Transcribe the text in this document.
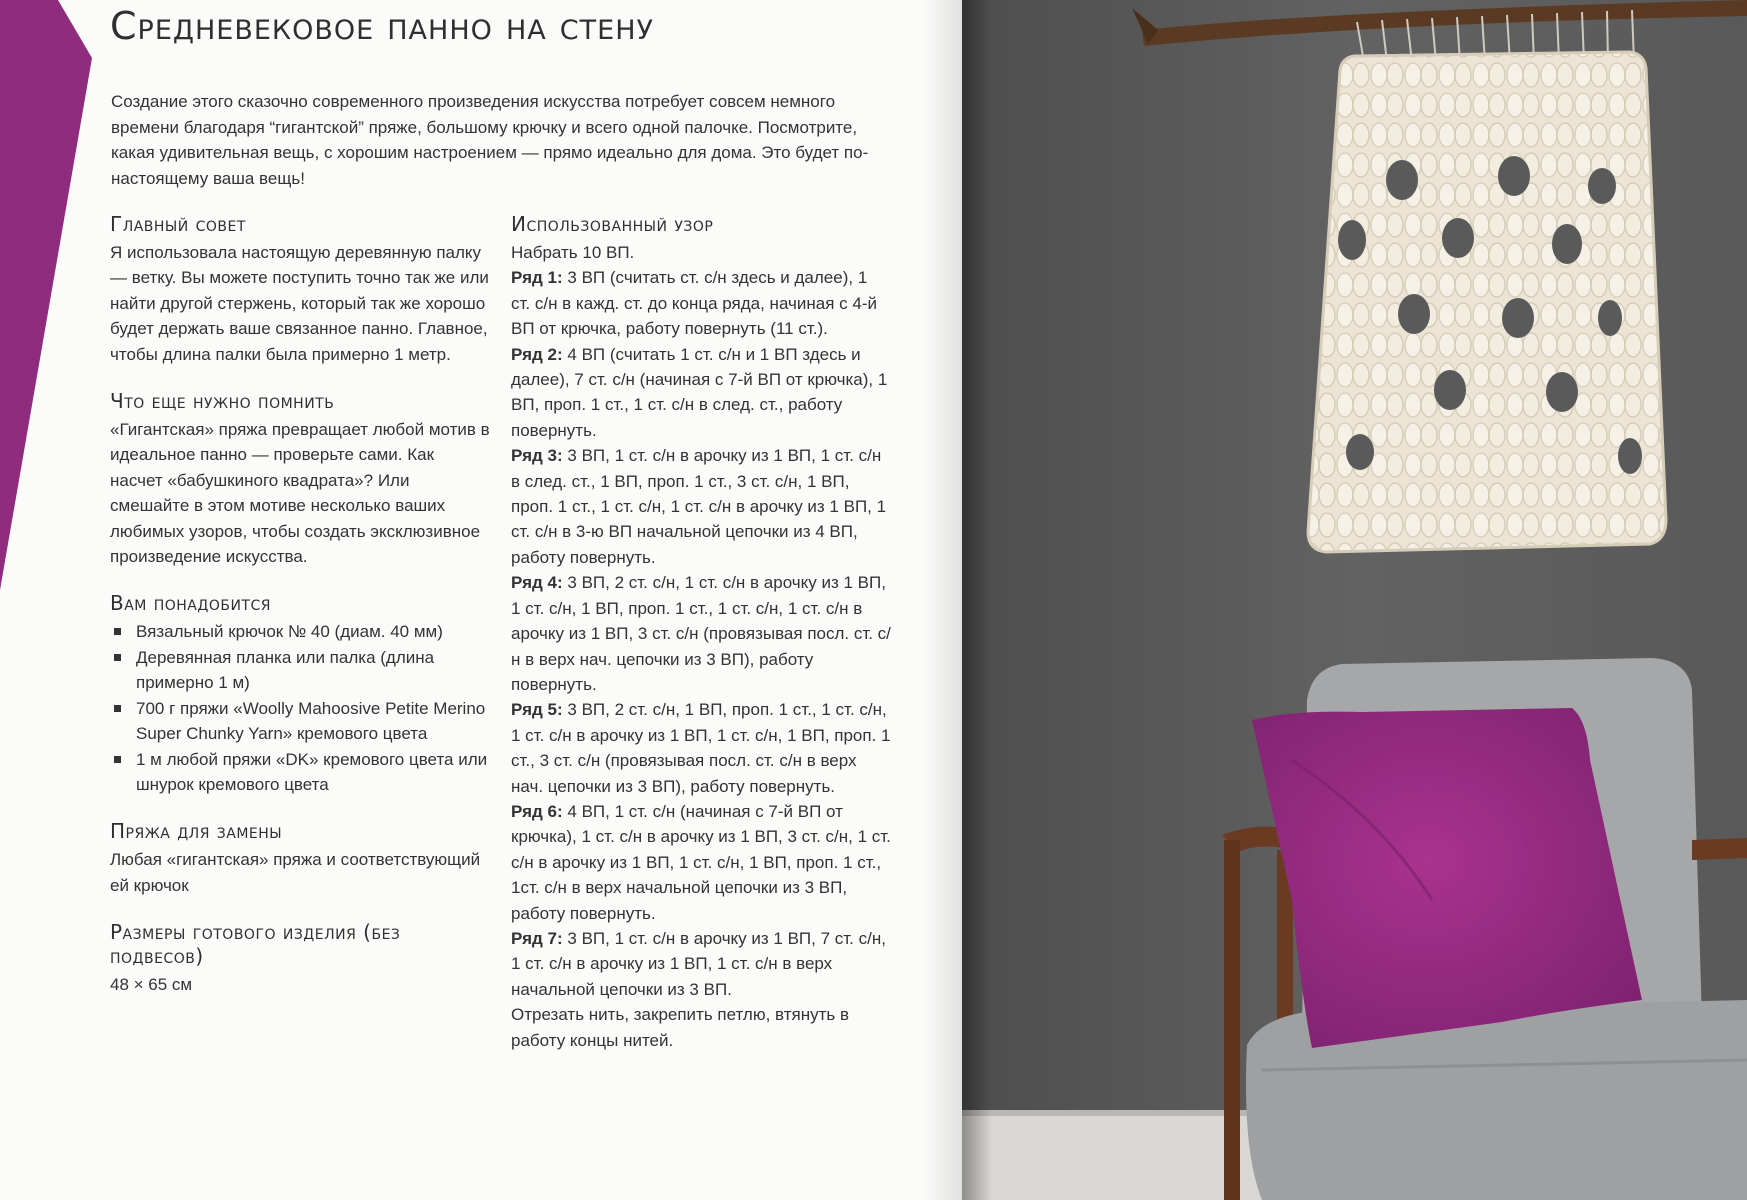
Средневековое панно на стену

Создание этого сказочно современного произведения искусства потребует совсем немного времени благодаря “гигантской” пряже, большому крючку и всего одной палочке. Посмотрите, какая удивительная вещь, с хорошим настроением — прямо идеально для дома. Это будет по-настоящему ваша вещь!

Главный совет

Я использовала настоящую деревянную палку — ветку. Вы можете поступить точно так же или найти другой стержень, который так же хорошо будет держать ваше связанное панно. Главное, чтобы длина палки была примерно 1 метр.

Что еще нужно помнить

«Гигантская» пряжа превращает любой мотив в идеальное панно — проверьте сами. Как насчет «бабушкиного квадрата»? Или смешайте в этом мотиве несколько ваших любимых узоров, чтобы создать эксклюзивное произведение искусства.

Вам понадобится
Вязальный крючок № 40 (диам. 40 мм)
Деревянная планка или палка (длина примерно 1 м)
700 г пряжи «Woolly Mahoosive Petite Merino Super Chunky Yarn» кремового цвета
1 м любой пряжи «DK» кремового цвета или шнурок кремового цвета
Пряжа для замены

Любая «гигантская» пряжа и соответствующий ей крючок

Размеры готового изделия (без подвесов)

48 × 65 см

Использованный узор

Набрать 10 ВП.

Ряд 1: 3 ВП (считать ст. с/н здесь и далее), 1 ст. с/н в кажд. ст. до конца ряда, начиная с 4-й ВП от крючка, работу повернуть (11 ст.).

Ряд 2: 4 ВП (считать 1 ст. с/н и 1 ВП здесь и далее), 7 ст. с/н (начиная с 7-й ВП от крючка), 1 ВП, проп. 1 ст., 1 ст. с/н в след. ст., работу повернуть.

Ряд 3: 3 ВП, 1 ст. с/н в арочку из 1 ВП, 1 ст. с/н в след. ст., 1 ВП, проп. 1 ст., 3 ст. с/н, 1 ВП, проп. 1 ст., 1 ст. с/н, 1 ст. с/н в арочку из 1 ВП, 1 ст. с/н в 3-ю ВП начальной цепочки из 4 ВП, работу повернуть.

Ряд 4: 3 ВП, 2 ст. с/н, 1 ст. с/н в арочку из 1 ВП, 1 ст. с/н, 1 ВП, проп. 1 ст., 1 ст. с/н, 1 ст. с/н в арочку из 1 ВП, 3 ст. с/н (провязывая посл. ст. с/н в верх нач. цепочки из 3 ВП), работу повернуть.

Ряд 5: 3 ВП, 2 ст. с/н, 1 ВП, проп. 1 ст., 1 ст. с/н, 1 ст. с/н в арочку из 1 ВП, 1 ст. с/н, 1 ВП, проп. 1 ст., 3 ст. с/н (провязывая посл. ст. с/н в верх нач. цепочки из 3 ВП), работу повернуть.

Ряд 6: 4 ВП, 1 ст. с/н (начиная с 7-й ВП от крючка), 1 ст. с/н в арочку из 1 ВП, 3 ст. с/н, 1 ст. с/н в арочку из 1 ВП, 1 ст. с/н, 1 ВП, проп. 1 ст., 1ст. с/н в верх начальной цепочки из 3 ВП, работу повернуть.

Ряд 7: 3 ВП, 1 ст. с/н в арочку из 1 ВП, 7 ст. с/н, 1 ст. с/н в арочку из 1 ВП, 1 ст. с/н в верх начальной цепочки из 3 ВП.

Отрезать нить, закрепить петлю, втянуть в работу концы нитей.
